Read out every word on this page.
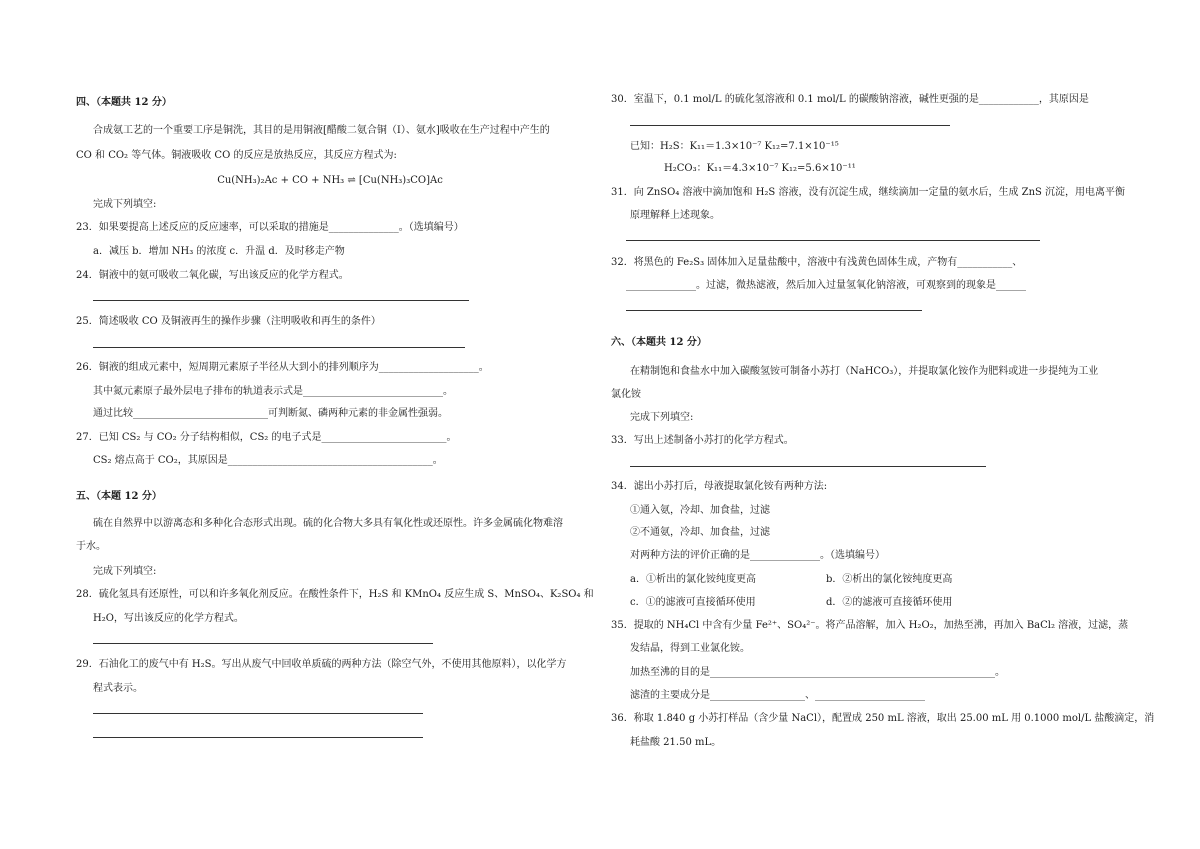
四、（本题共 12 分）
合成氨工艺的一个重要工序是铜洗，其目的是用铜液[醋酸二氨合铜（Ⅰ）、氨水]吸收在生产过程中产生的
CO 和 CO₂ 等气体。铜液吸收 CO 的反应是放热反应，其反应方程式为:
Cu(NH₃)₂Ac + CO + NH₃ ⇌ [Cu(NH₃)₃CO]Ac
完成下列填空:
23．如果要提高上述反应的反应速率，可以采取的措施是______________。（选填编号）
a．减压 b．增加 NH₃ 的浓度 c．升温 d．及时移走产物
24．铜液中的氨可吸收二氧化碳，写出该反应的化学方程式。
25．简述吸收 CO 及铜液再生的操作步骤（注明吸收和再生的条件）
26．铜液的组成元素中，短周期元素原子半径从大到小的排列顺序为____________________。
其中氮元素原子最外层电子排布的轨道表示式是____________________________。
通过比较___________________________可判断氮、磷两种元素的非金属性强弱。
27．已知 CS₂ 与 CO₂ 分子结构相似，CS₂ 的电子式是_________________________。
CS₂ 熔点高于 CO₂，其原因是_________________________________________。
五、（本题 12 分）
硫在自然界中以游离态和多种化合态形式出现。硫的化合物大多具有氧化性或还原性。许多金属硫化物难溶
于水。
完成下列填空:
28．硫化氢具有还原性，可以和许多氧化剂反应。在酸性条件下，H₂S 和 KMnO₄ 反应生成 S、MnSO₄、K₂SO₄ 和
H₂O，写出该反应的化学方程式。
29．石油化工的废气中有 H₂S。写出从废气中回收单质硫的两种方法（除空气外，不使用其他原料），以化学方
程式表示。
30．室温下，0.1 mol/L 的硫化氢溶液和 0.1 mol/L 的碳酸钠溶液，碱性更强的是____________，其原因是
已知：H₂S：K₁₁＝1.3×10⁻⁷ K₁₂=7.1×10⁻¹⁵
H₂CO₃：K₁₁＝4.3×10⁻⁷ K₁₂=5.6×10⁻¹¹
31．向 ZnSO₄ 溶液中滴加饱和 H₂S 溶液，没有沉淀生成，继续滴加一定量的氨水后，生成 ZnS 沉淀，用电离平衡
原理解释上述现象。
32．将黑色的 Fe₂S₃ 固体加入足量盐酸中，溶液中有浅黄色固体生成，产物有___________、
______________。过滤，微热滤液，然后加入过量氢氧化钠溶液，可观察到的现象是______
六、（本题共 12 分）
在精制饱和食盐水中加入碳酸氢铵可制备小苏打（NaHCO₃），并提取氯化铵作为肥料或进一步提纯为工业
氯化铵
完成下列填空:
33．写出上述制备小苏打的化学方程式。
34．滤出小苏打后，母液提取氯化铵有两种方法:
①通入氨，冷却、加食盐，过滤
②不通氨，冷却、加食盐，过滤
对两种方法的评价正确的是______________。（选填编号）
a．①析出的氯化铵纯度更高	b．②析出的氯化铵纯度更高
c．①的滤液可直接循环使用	d．②的滤液可直接循环使用
35．提取的 NH₄Cl 中含有少量 Fe²⁺、SO₄²⁻。将产品溶解，加入 H₂O₂，加热至沸，再加入 BaCl₂ 溶液，过滤，蒸
发结晶，得到工业氯化铵。
加热至沸的目的是_________________________________________________________。
滤渣的主要成分是___________________、______________________
36．称取 1.840 g 小苏打样品（含少量 NaCl），配置成 250 mL 溶液，取出 25.00 mL 用 0.1000 mol/L 盐酸滴定，消
耗盐酸 21.50 mL。
